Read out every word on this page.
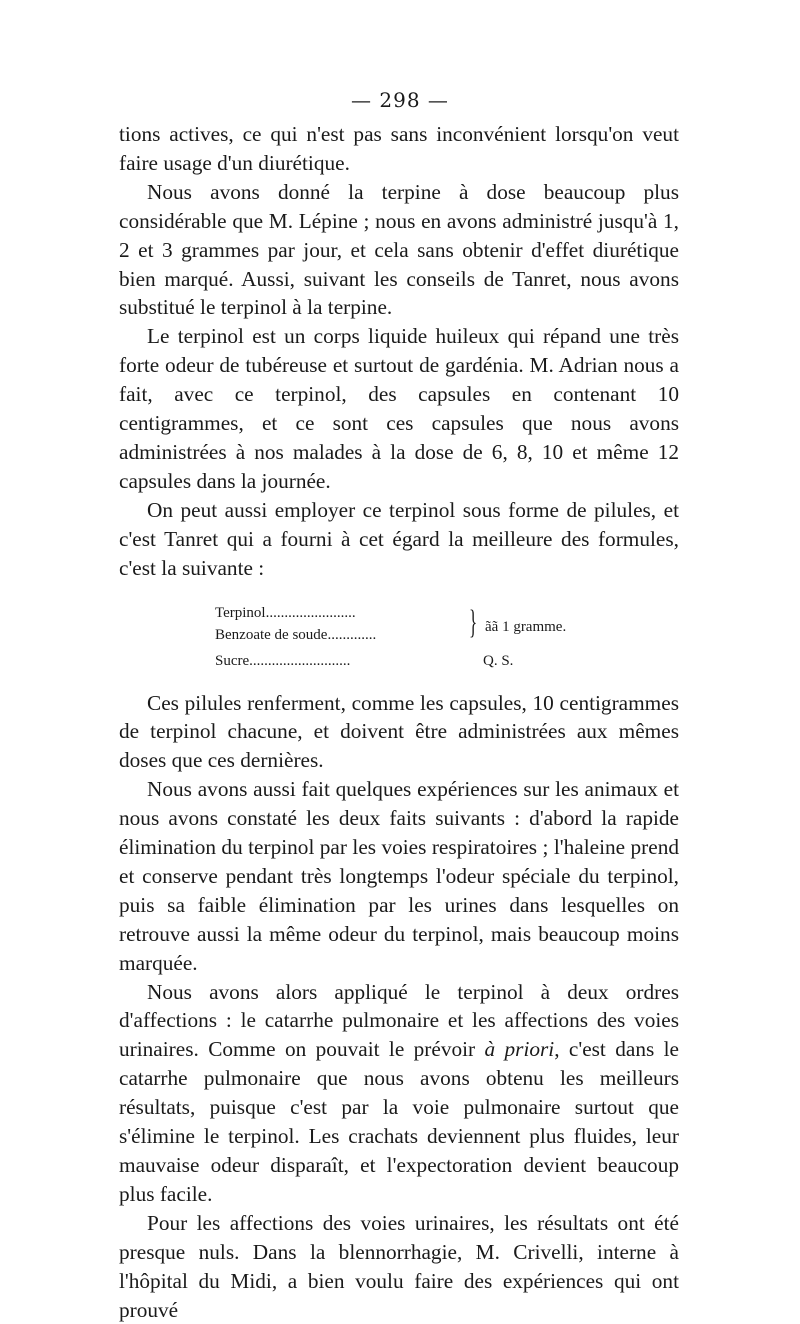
— 298 —

tions actives, ce qui n'est pas sans inconvénient lorsqu'on veut faire usage d'un diurétique.

Nous avons donné la terpine à dose beaucoup plus considérable que M. Lépine ; nous en avons administré jusqu'à 1, 2 et 3 grammes par jour, et cela sans obtenir d'effet diurétique bien marqué. Aussi, suivant les conseils de Tanret, nous avons substitué le terpinol à la terpine.

Le terpinol est un corps liquide huileux qui répand une très forte odeur de tubéreuse et surtout de gardénia. M. Adrian nous a fait, avec ce terpinol, des capsules en contenant 10 centigrammes, et ce sont ces capsules que nous avons administrées à nos malades à la dose de 6, 8, 10 et même 12 capsules dans la journée.

On peut aussi employer ce terpinol sous forme de pilules, et c'est Tanret qui a fourni à cet égard la meilleure des formules, c'est la suivante :

Terpinol........................
Benzoate de soude.............	} ãã 1 gramme.
Sucre...........................	Q. S.

Ces pilules renferment, comme les capsules, 10 centigrammes de terpinol chacune, et doivent être administrées aux mêmes doses que ces dernières.

Nous avons aussi fait quelques expériences sur les animaux et nous avons constaté les deux faits suivants : d'abord la rapide élimination du terpinol par les voies respiratoires ; l'haleine prend et conserve pendant très longtemps l'odeur spéciale du terpinol, puis sa faible élimination par les urines dans lesquelles on retrouve aussi la même odeur du terpinol, mais beaucoup moins marquée.

Nous avons alors appliqué le terpinol à deux ordres d'affections : le catarrhe pulmonaire et les affections des voies urinaires. Comme on pouvait le prévoir à priori, c'est dans le catarrhe pulmonaire que nous avons obtenu les meilleurs résultats, puisque c'est par la voie pulmonaire surtout que s'élimine le terpinol. Les crachats deviennent plus fluides, leur mauvaise odeur disparaît, et l'expectoration devient beaucoup plus facile.

Pour les affections des voies urinaires, les résultats ont été presque nuls. Dans la blennorrhagie, M. Crivelli, interne à l'hôpital du Midi, a bien voulu faire des expériences qui ont prouvé
